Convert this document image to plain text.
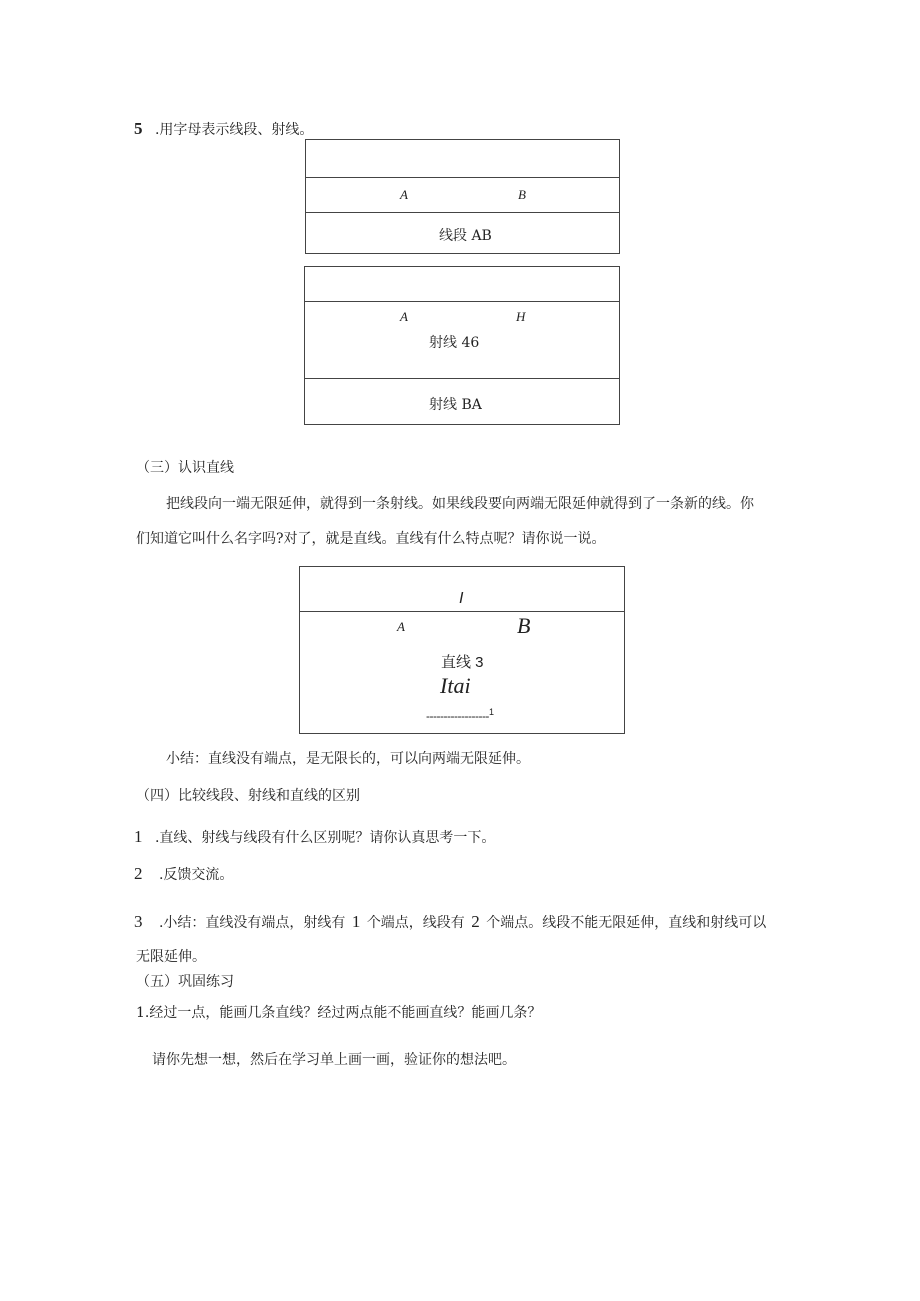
5 .用字母表示线段、射线。
A	B
线段 AB
A	H
射线 46
射线 BA
（三）认识直线
把线段向一端无限延伸，就得到一条射线。如果线段要向两端无限延伸就得到了一条新的线。你
们知道它叫什么名字吗?对了，就是直线。直线有什么特点呢？请你说一说。
I
A	B
直线 3
Itai
------------------$^1$
小结：直线没有端点，是无限长的，可以向两端无限延伸。
（四）比较线段、射线和直线的区别
1 .直线、射线与线段有什么区别呢？请你认真思考一下。
2 .反馈交流。
3 .小结：直线没有端点，射线有 1 个端点，线段有 2 个端点。线段不能无限延伸，直线和射线可以
无限延伸。
（五）巩固练习
1.经过一点，能画几条直线？经过两点能不能画直线？能画几条？
请你先想一想，然后在学习单上画一画，验证你的想法吧。
